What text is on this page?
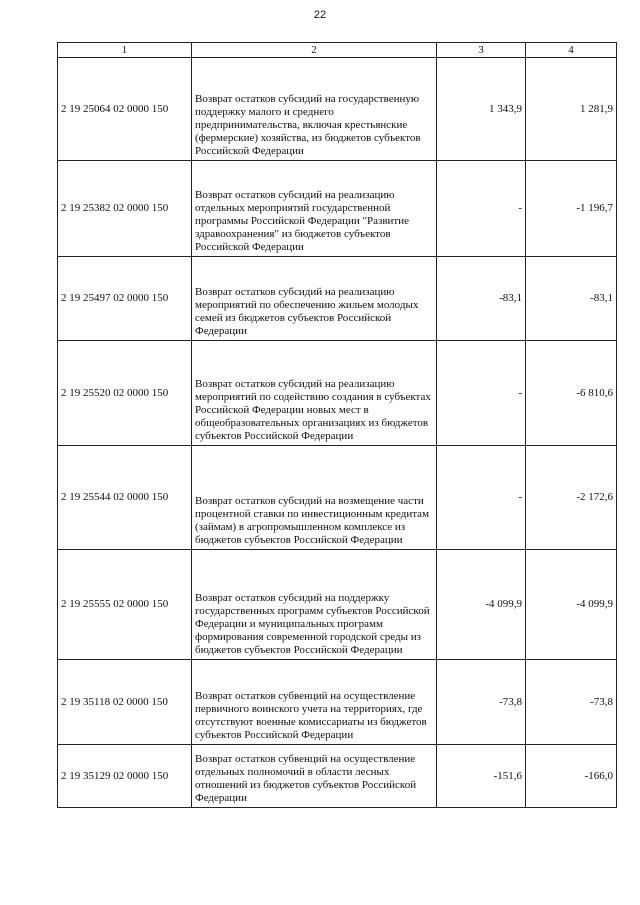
22
1	2	3	4
2 19 25064 02 0000 150	Возврат остатков субсидий на государственную поддержку малого и среднего предпринимательства, включая крестьянские (фермерские) хозяйства, из бюджетов субъектов Российской Федерации	1 343,9	1 281,9
2 19 25382 02 0000 150	Возврат остатков субсидий на реализацию отдельных мероприятий государственной программы Российской Федерации "Развитие здравоохранения" из бюджетов субъектов Российской Федерации	-	-1 196,7
2 19 25497 02 0000 150	Возврат остатков субсидий на реализацию мероприятий по обеспечению жильем молодых семей из бюджетов субъектов Российской Федерации	-83,1	-83,1
2 19 25520 02 0000 150	Возврат остатков субсидий на реализацию мероприятий по содействию создания в субъектах Российской Федерации новых мест в общеобразовательных организациях из бюджетов субъектов Российской Федерации	-	-6 810,6
2 19 25544 02 0000 150	Возврат остатков субсидий на возмещение части процентной ставки по инвестиционным кредитам (займам) в агропромышленном комплексе из бюджетов субъектов Российской Федерации	-	-2 172,6
2 19 25555 02 0000 150	Возврат остатков субсидий на поддержку государственных программ субъектов Российской Федерации и муниципальных программ формирования современной городской среды из бюджетов субъектов Российской Федерации	-4 099,9	-4 099,9
2 19 35118 02 0000 150	Возврат остатков субвенций на осуществление первичного воинского учета на территориях, где отсутствуют военные комиссариаты из бюджетов субъектов Российской Федерации	-73,8	-73,8
2 19 35129 02 0000 150	Возврат остатков субвенций на осуществление отдельных полномочий в области лесных отношений из бюджетов субъектов Российской Федерации	-151,6	-166,0
